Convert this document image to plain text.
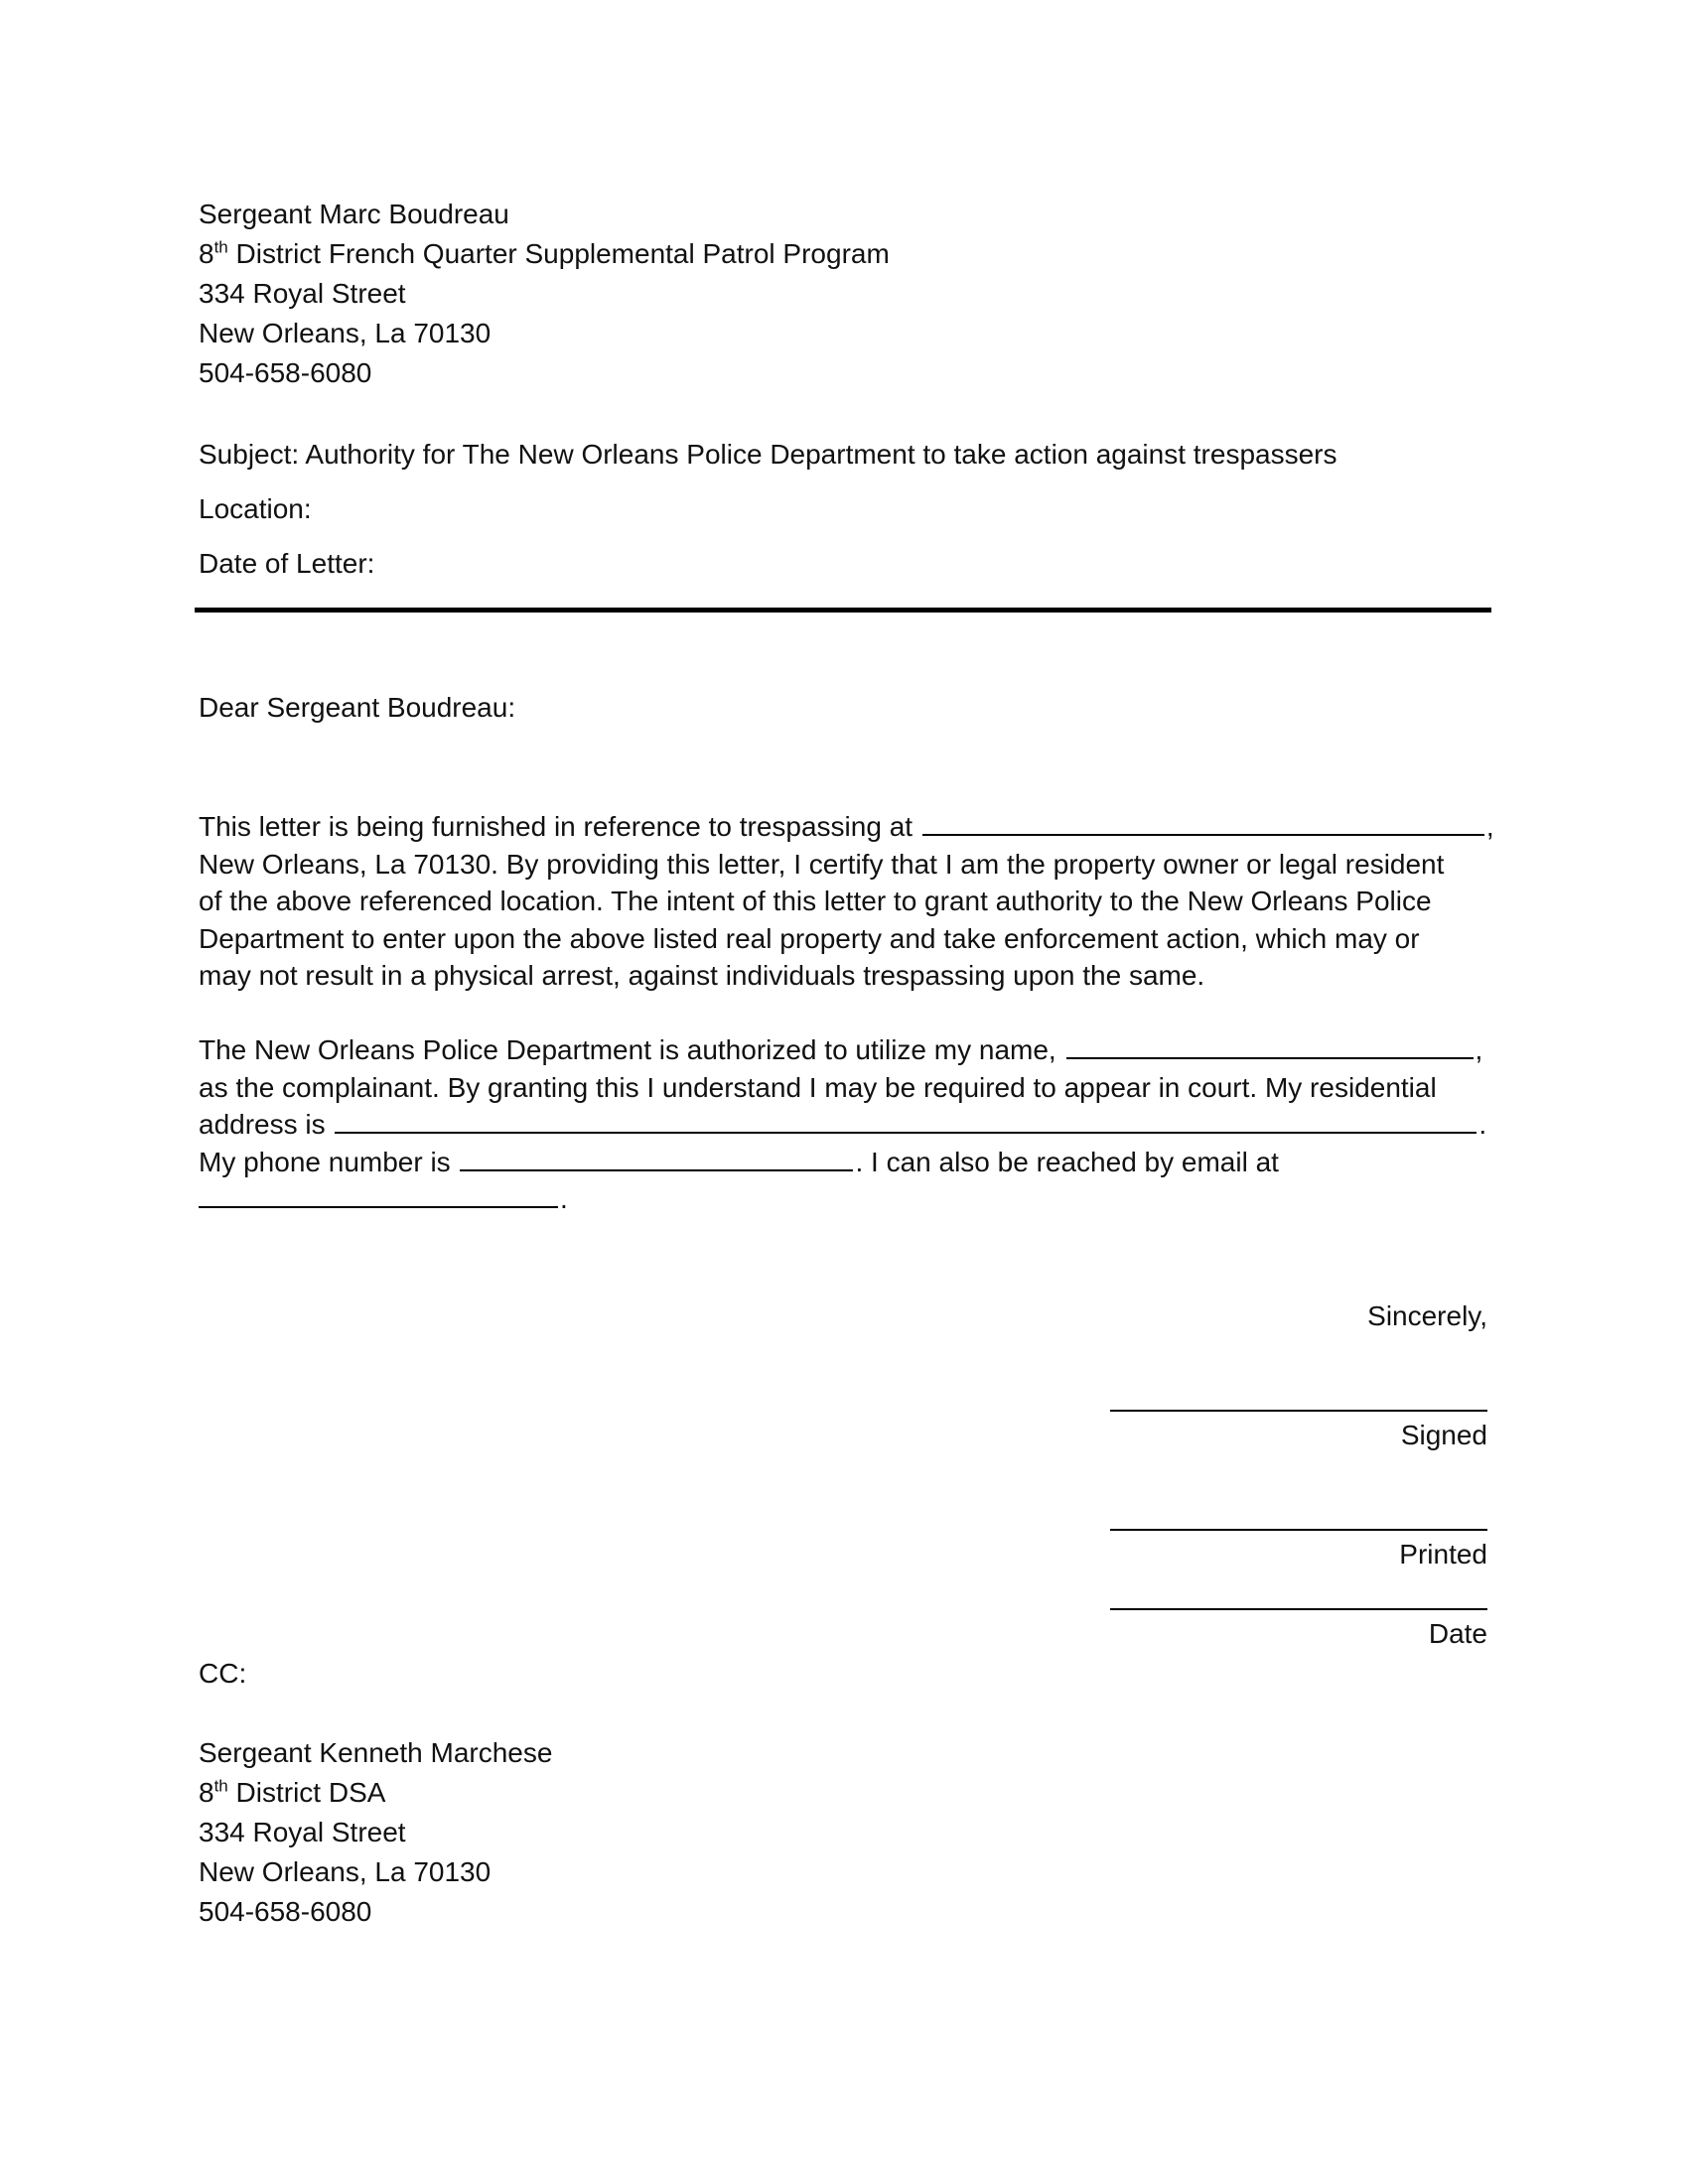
Sergeant Marc Boudreau
8th District French Quarter Supplemental Patrol Program
334 Royal Street
New Orleans, La 70130
504-658-6080

Subject: Authority for The New Orleans Police Department to take action against trespassers

Location:

Date of Letter:

Dear Sergeant Boudreau:

This letter is being furnished in reference to trespassing at	,
New Orleans, La 70130. By providing this letter, I certify that I am the property owner or legal resident
of the above referenced location. The intent of this letter to grant authority to the New Orleans Police
Department to enter upon the above listed real property and take enforcement action, which may or
may not result in a physical arrest, against individuals trespassing upon the same.
The New Orleans Police Department is authorized to utilize my name,	,
as the complainant. By granting this I understand I may be required to appear in court. My residential
address is	.
My phone number is	. I can also be reached by email at
.

Sincerely,

Signed

Printed

Date

CC:

Sergeant Kenneth Marchese
8th District DSA
334 Royal Street
New Orleans, La 70130
504-658-6080
